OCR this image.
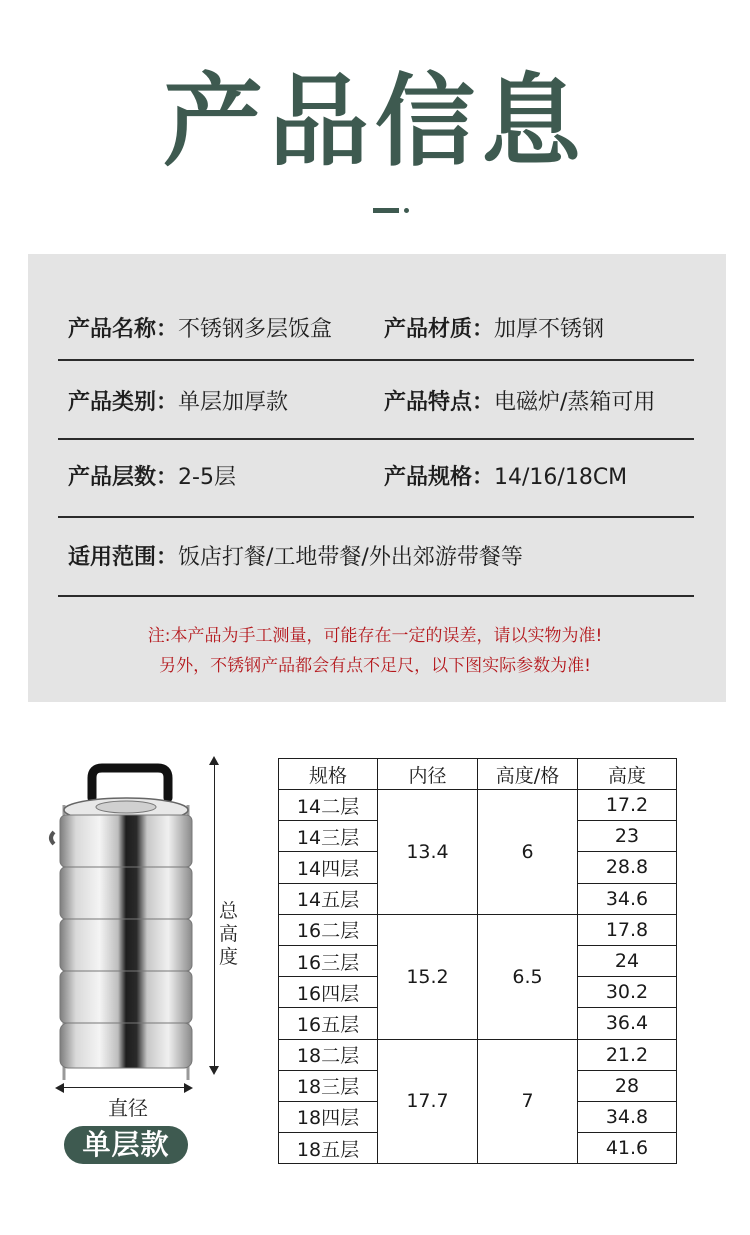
产品信息
产品名称：不锈钢多层饭盒 产品材质：加厚不锈钢
产品类别：单层加厚款	产品特点：电磁炉/蒸箱可用
产品层数：2-5层	产品规格：14/16/18CM
适用范围：饭店打餐/工地带餐/外出郊游带餐等
注:本产品为手工测量，可能存在一定的误差，请以实物为准!
另外，不锈钢产品都会有点不足尺，以下图实际参数为准!
总高度
直径
单层款
规格	内径	高度/格	高度
14二层	13.4	6	17.2
14三层			23
14四层			28.8
14五层			34.6
16二层	15.2	6.5	17.8
16三层			24
16四层			30.2
16五层			36.4
18二层	17.7	7	21.2
18三层			28
18四层			34.8
18五层			41.6
